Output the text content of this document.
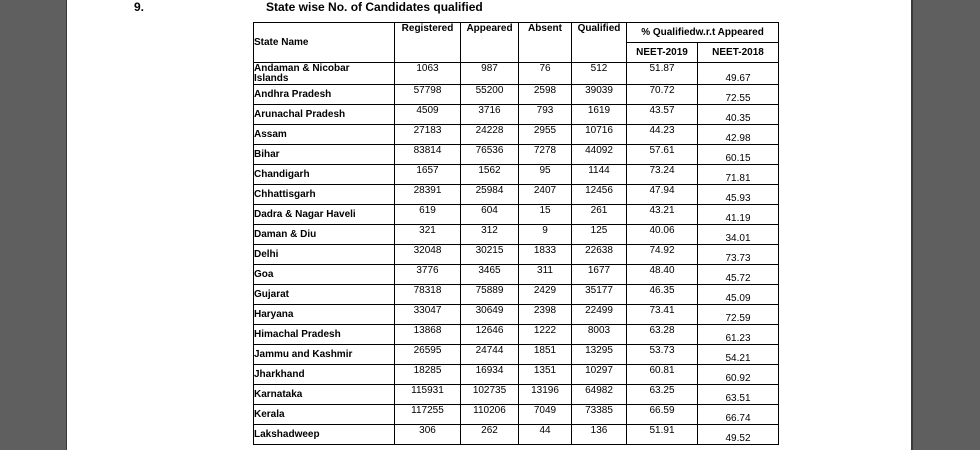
9.	State wise No. of Candidates qualified
State Name	Registered	Appeared	Absent	Qualified	% Qualifiedw.r.t Appeared	
					NEET-2019	NEET-2018

Andaman & Nicobar Islands	1063	987	76	512	51.87	49.67

Andhra Pradesh	57798	55200	2598	39039	70.72	72.55

Arunachal Pradesh	4509	3716	793	1619	43.57	40.35

Assam	27183	24228	2955	10716	44.23	42.98

Bihar	83814	76536	7278	44092	57.61	60.15

Chandigarh	1657	1562	95	1144	73.24	71.81

Chhattisgarh	28391	25984	2407	12456	47.94	45.93

Dadra & Nagar Haveli	619	604	15	261	43.21	41.19

Daman & Diu	321	312	9	125	40.06	34.01

Delhi	32048	30215	1833	22638	74.92	73.73

Goa	3776	3465	311	1677	48.40	45.72

Gujarat	78318	75889	2429	35177	46.35	45.09

Haryana	33047	30649	2398	22499	73.41	72.59

Himachal Pradesh	13868	12646	1222	8003	63.28	61.23

Jammu and Kashmir	26595	24744	1851	13295	53.73	54.21

Jharkhand	18285	16934	1351	10297	60.81	60.92

Karnataka	115931	102735	13196	64982	63.25	63.51

Kerala	117255	110206	7049	73385	66.59	66.74

Lakshadweep	306	262	44	136	51.91	49.52
